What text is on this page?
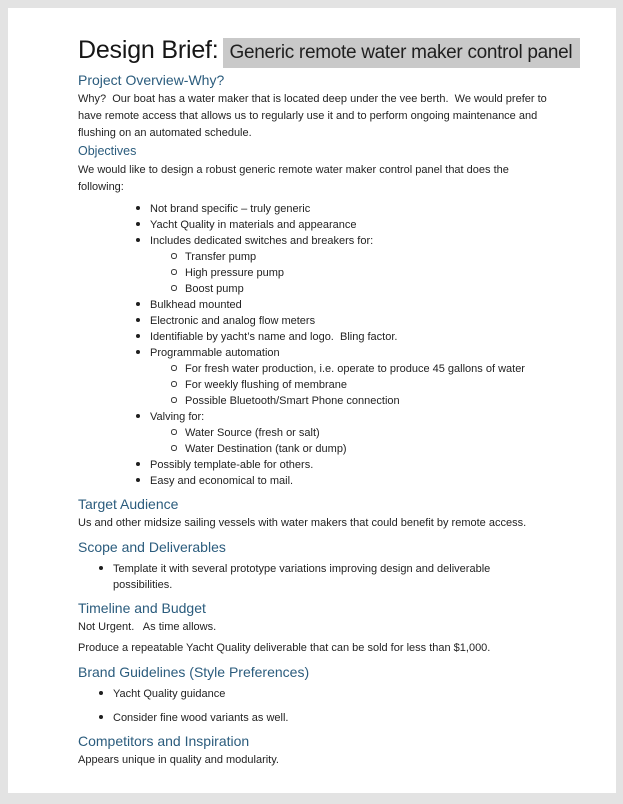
Design Brief: Generic remote water maker control panel
Project Overview-Why?

Why?  Our boat has a water maker that is located deep under the vee berth.  We would prefer to have remote access that allows us to regularly use it and to perform ongoing maintenance and flushing on an automated schedule.

Objectives

We would like to design a robust generic remote water maker control panel that does the following:

Not brand specific – truly generic
Yacht Quality in materials and appearance
Includes dedicated switches and breakers for:
Transfer pump
High pressure pump
Boost pump
Bulkhead mounted
Electronic and analog flow meters
Identifiable by yacht’s name and logo.  Bling factor.
Programmable automation
For fresh water production, i.e. operate to produce 45 gallons of water
For weekly flushing of membrane
Possible Bluetooth/Smart Phone connection
Valving for:
Water Source (fresh or salt)
Water Destination (tank or dump)
Possibly template-able for others.
Easy and economical to mail.
Target Audience

Us and other midsize sailing vessels with water makers that could benefit by remote access.

Scope and Deliverables
Template it with several prototype variations improving design and deliverable possibilities.
Timeline and Budget

Not Urgent.   As time allows.

Produce a repeatable Yacht Quality deliverable that can be sold for less than $1,000.

Brand Guidelines (Style Preferences)
Yacht Quality guidance
Consider fine wood variants as well.
Competitors and Inspiration

Appears unique in quality and modularity.
